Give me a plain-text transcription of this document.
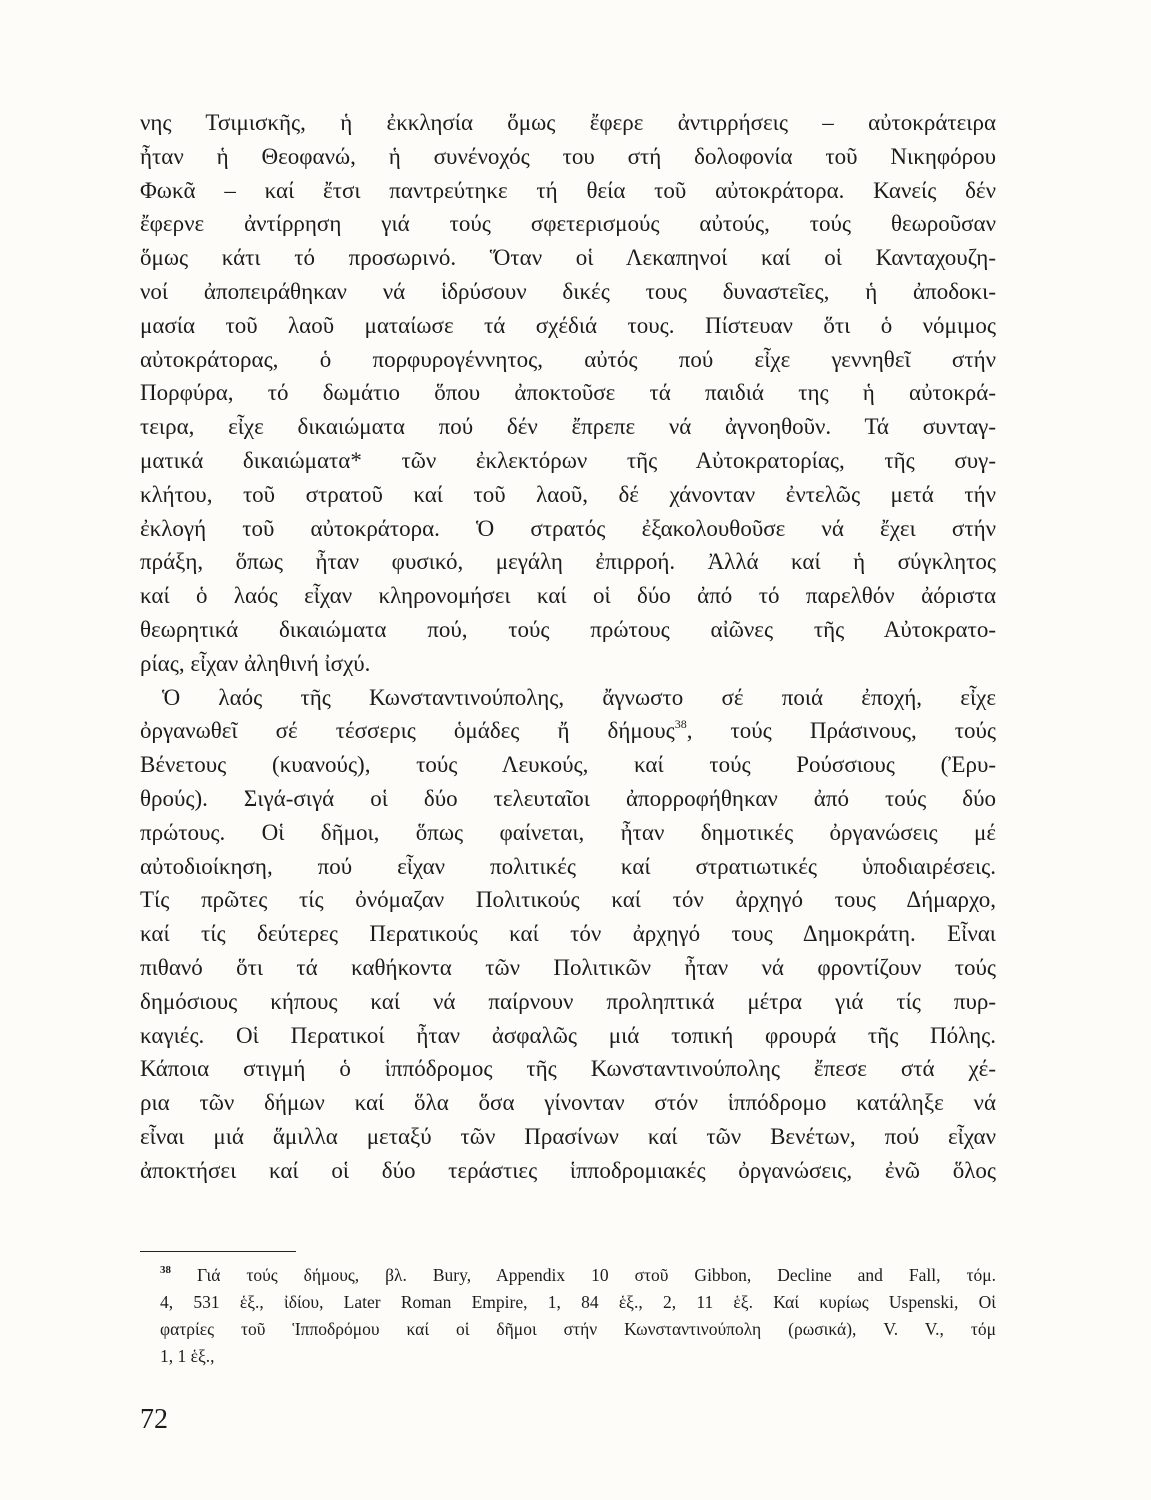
νης Τσιμισκῆς, ἡ ἐκκλησία ὅμως ἔφερε ἀντιρρήσεις – αὐτοκράτειρα
ἦταν ἡ Θεοφανώ, ἡ συνένοχός του στή δολοφονία τοῦ Νικηφόρου
Φωκᾶ – καί ἔτσι παντρεύτηκε τή θεία τοῦ αὐτοκράτορα. Κανείς δέν
ἔφερνε ἀντίρρηση γιά τούς σφετερισμούς αὐτούς, τούς θεωροῦσαν
ὅμως κάτι τό προσωρινό. Ὅταν οἱ Λεκαπηνοί καί οἱ Κανταχουζη-
νοί ἀποπειράθηκαν νά ἱδρύσουν δικές τους δυναστεῖες, ἡ ἀποδοκι-
μασία τοῦ λαοῦ ματαίωσε τά σχέδιά τους. Πίστευαν ὅτι ὁ νόμιμος
αὐτοκράτορας, ὁ πορφυρογέννητος, αὐτός πού εἶχε γεννηθεῖ στήν
Πορφύρα, τό δωμάτιο ὅπου ἀποκτοῦσε τά παιδιά της ἡ αὐτοκρά-
τειρα, εἶχε δικαιώματα πού δέν ἔπρεπε νά ἀγνοηθοῦν. Τά συνταγ-
ματικά δικαιώματα* τῶν ἐκλεκτόρων τῆς Αὐτοκρατορίας, τῆς συγ-
κλήτου, τοῦ στρατοῦ καί τοῦ λαοῦ, δέ χάνονταν ἐντελῶς μετά τήν
ἐκλογή τοῦ αὐτοκράτορα. Ὁ στρατός ἐξακολουθοῦσε νά ἔχει στήν
πράξη, ὅπως ἦταν φυσικό, μεγάλη ἐπιρροή. Ἀλλά καί ἡ σύγκλητος
καί ὁ λαός εἶχαν κληρονομήσει καί οἱ δύο ἀπό τό παρελθόν ἀόριστα
θεωρητικά δικαιώματα πού, τούς πρώτους αἰῶνες τῆς Αὐτοκρατο-
ρίας, εἶχαν ἀληθινή ἰσχύ.
Ὁ λαός τῆς Κωνσταντινούπολης, ἄγνωστο σέ ποιά ἐποχή, εἶχε
ὀργανωθεῖ σέ τέσσερις ὁμάδες ἤ δήμους$^{38}$, τούς Πράσινους, τούς
Βένετους (κυανούς), τούς Λευκούς, καί τούς Ρούσσιους (Ἐρυ-
θρούς). Σιγά-σιγά οἱ δύο τελευταῖοι ἀπορροφήθηκαν ἀπό τούς δύο
πρώτους. Οἱ δῆμοι, ὅπως φαίνεται, ἦταν δημοτικές ὀργανώσεις μέ
αὐτοδιοίκηση, πού εἶχαν πολιτικές καί στρατιωτικές ὑποδιαιρέσεις.
Τίς πρῶτες τίς ὀνόμαζαν Πολιτικούς καί τόν ἀρχηγό τους Δήμαρχο,
καί τίς δεύτερες Περατικούς καί τόν ἀρχηγό τους Δημοκράτη. Εἶναι
πιθανό ὅτι τά καθήκοντα τῶν Πολιτικῶν ἦταν νά φροντίζουν τούς
δημόσιους κήπους καί νά παίρνουν προληπτικά μέτρα γιά τίς πυρ-
καγιές. Οἱ Περατικοί ἦταν ἀσφαλῶς μιά τοπική φρουρά τῆς Πόλης.
Κάποια στιγμή ὁ ἱππόδρομος τῆς Κωνσταντινούπολης ἔπεσε στά χέ-
ρια τῶν δήμων καί ὅλα ὅσα γίνονταν στόν ἱππόδρομο κατάληξε νά
εἶναι μιά ἅμιλλα μεταξύ τῶν Πρασίνων καί τῶν Βενέτων, πού εἶχαν
ἀποκτήσει καί οἱ δύο τεράστιες ἱπποδρομιακές ὀργανώσεις, ἐνῶ ὅλος
$^{38}$ Γιά τούς δήμους, βλ. Bury, Appendix 10 στοῦ Gibbon, Decline and Fall, τόμ.
4, 531 ἑξ., ἰδίου, Later Roman Empire, 1, 84 ἑξ., 2, 11 ἑξ. Καί κυρίως Uspenski, Οἱ
φατρίες τοῦ Ἱπποδρόμου καί οἱ δῆμοι στήν Κωνσταντινούπολη (ρωσικά), V. V., τόμ
1, 1 ἑξ.,
72
